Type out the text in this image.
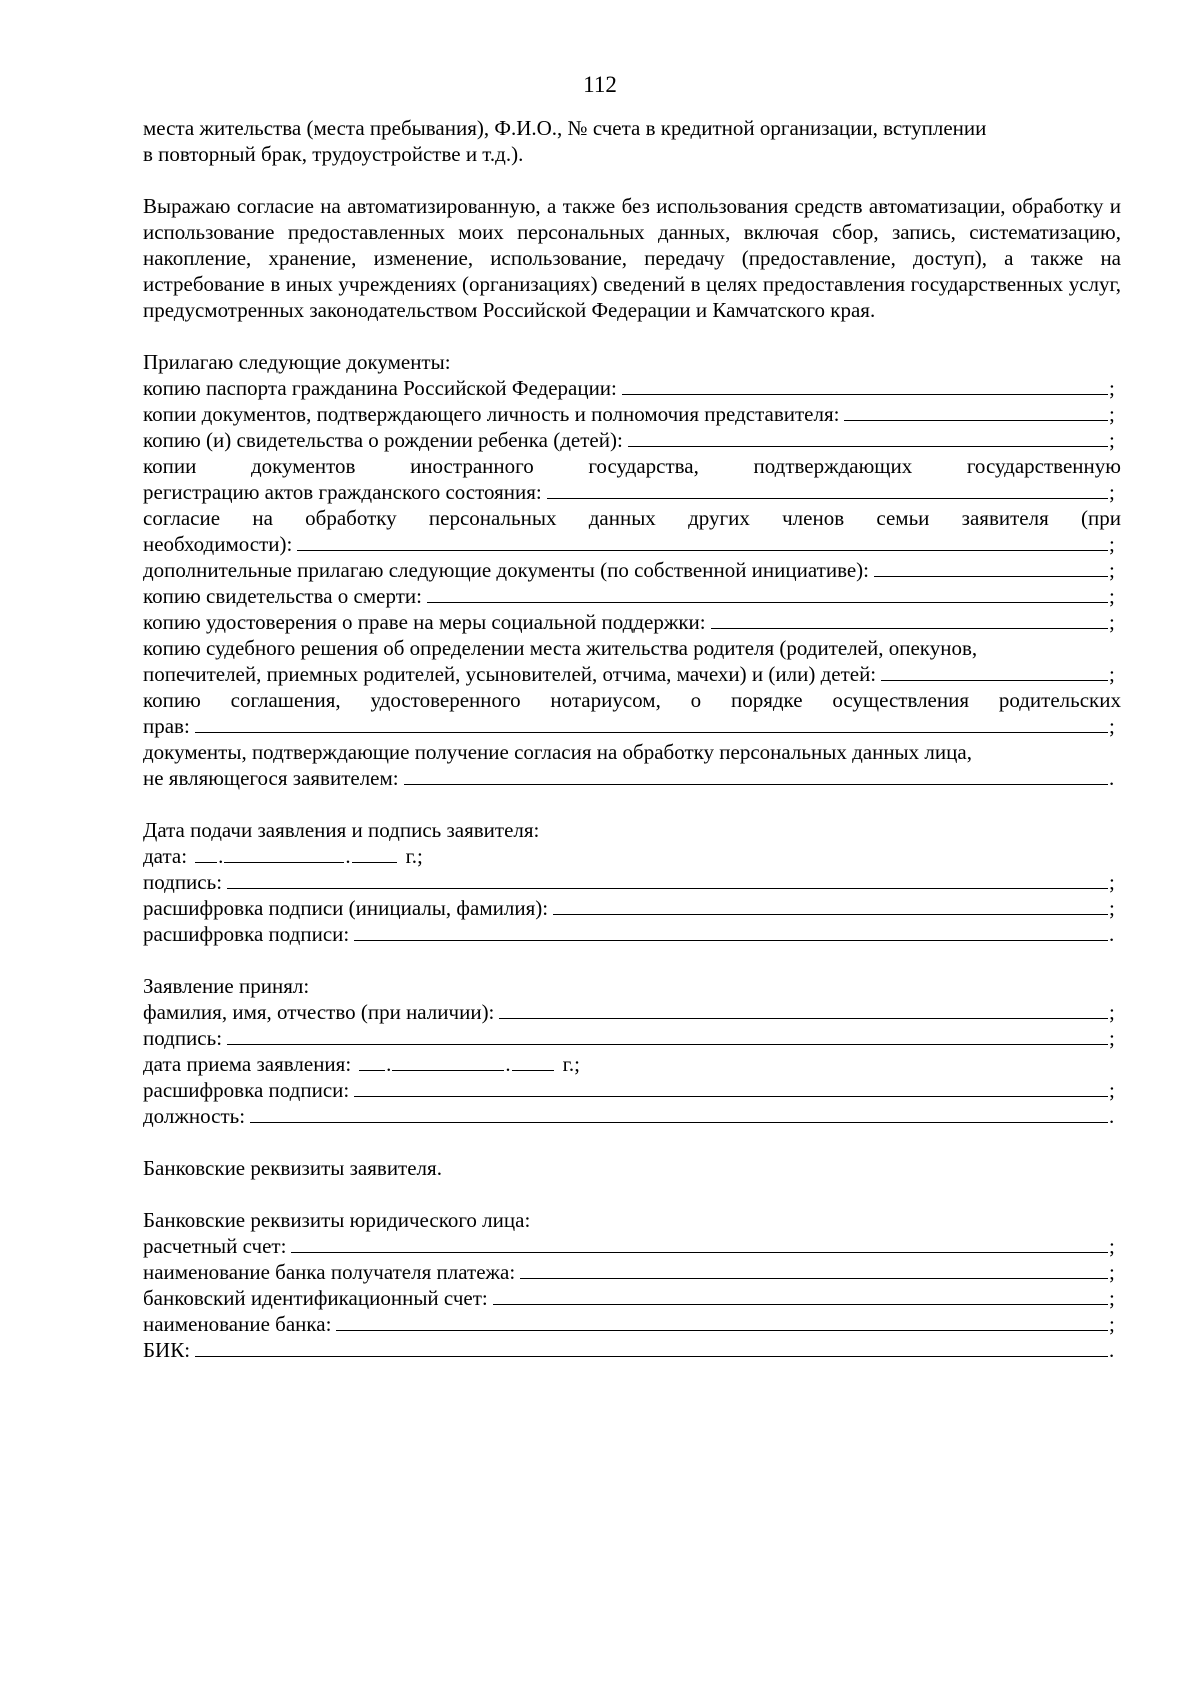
112

места жительства (места пребывания), Ф.И.О., № счета в кредитной организации, вступлении

в повторный брак, трудоустройстве и т.д.).

Выражаю согласие на автоматизированную, а также без использования средств автоматизации, обработку и использование предоставленных моих персональных данных, включая сбор, запись, систематизацию, накопление, хранение, изменение, использование, передачу (предоставление, доступ), а также на истребование в иных учреждениях (организациях) сведений в целях предоставления государственных услуг, предусмотренных законодательством Российской Федерации и Камчатского края.

Прилагаю следующие документы:

копию паспорта гражданина Российской Федерации:	;
копии документов, подтверждающего личность и полномочия представителя:	;
копию (и) свидетельства о рождении ребенка (детей):	;
копии	документов	иностранного	государства,	подтверждающих	государственную
регистрацию актов гражданского состояния:	;
согласие на обработку персональных данных других членов семьи заявителя (при
необходимости):	;
дополнительные прилагаю следующие документы (по собственной инициативе):	;
копию свидетельства о смерти:	;
копию удостоверения о праве на меры социальной поддержки:	;

копию судебного решения об определении места жительства родителя (родителей, опекунов,

попечителей, приемных родителей, усыновителей, отчима, мачехи) и (или) детей:	;
копию соглашения, удостоверенного нотариусом, о порядке осуществления родительских
прав:	;

документы, подтверждающие получение согласия на обработку персональных данных лица,

не являющегося заявителем:	.

Дата подачи заявления и подпись заявителя:

дата: .	.	г.;
подпись:	;
расшифровка подписи (инициалы, фамилия):	;
расшифровка подписи:	.

Заявление принял:

фамилия, имя, отчество (при наличии):	;
подпись:	;
дата приема заявления: .	. г.;
расшифровка подписи:	;
должность:	.

Банковские реквизиты заявителя.

Банковские реквизиты юридического лица:

расчетный счет:	;
наименование банка получателя платежа:	;
банковский идентификационный счет:	;
наименование банка:	;
БИК:	.
